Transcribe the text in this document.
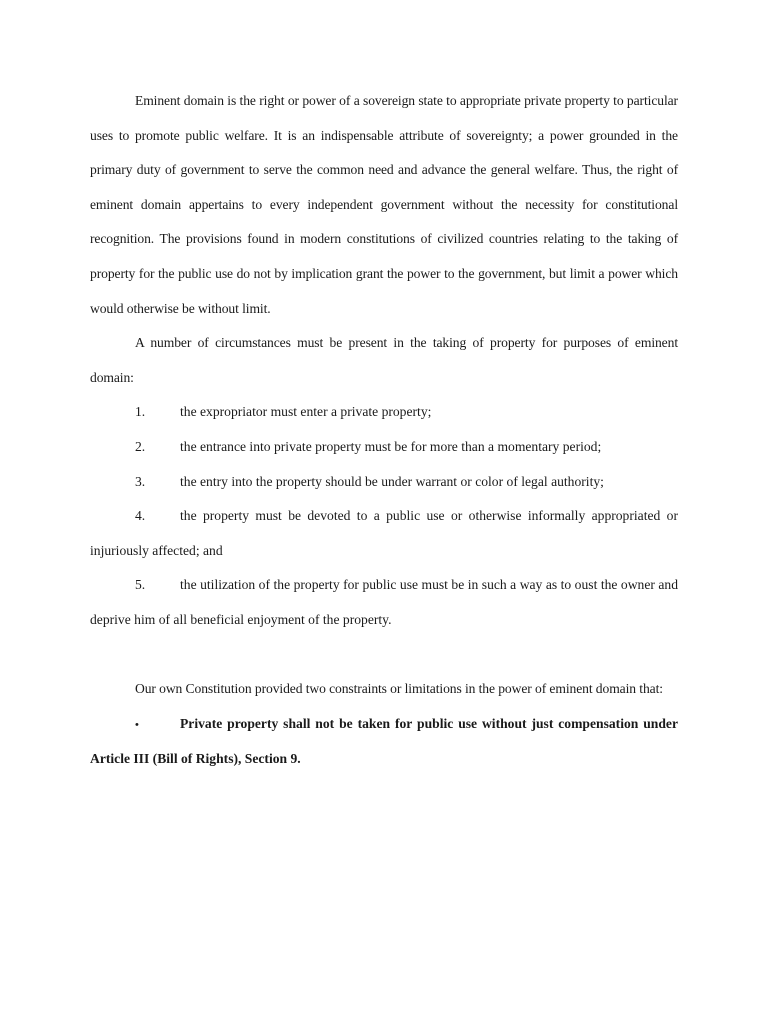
Eminent domain is the right or power of a sovereign state to appropriate private property to particular uses to promote public welfare. It is an indispensable attribute of sovereignty; a power grounded in the primary duty of government to serve the common need and advance the general welfare. Thus, the right of eminent domain appertains to every independent government without the necessity for constitutional recognition. The provisions found in modern constitutions of civilized countries relating to the taking of property for the public use do not by implication grant the power to the government, but limit a power which would otherwise be without limit.

A number of circumstances must be present in the taking of property for purposes of eminent domain:

1.	the expropriator must enter a private property;

2.	the entrance into private property must be for more than a momentary period;

3.	the entry into the property should be under warrant or color of legal authority;

4.	the property must be devoted to a public use or otherwise informally appropriated or injuriously affected; and

5.	the utilization of the property for public use must be in such a way as to oust the owner and deprive him of all beneficial enjoyment of the property.

Our own Constitution provided two constraints or limitations in the power of eminent domain that:

•	Private property shall not be taken for public use without just compensation under Article III (Bill of Rights), Section 9.
